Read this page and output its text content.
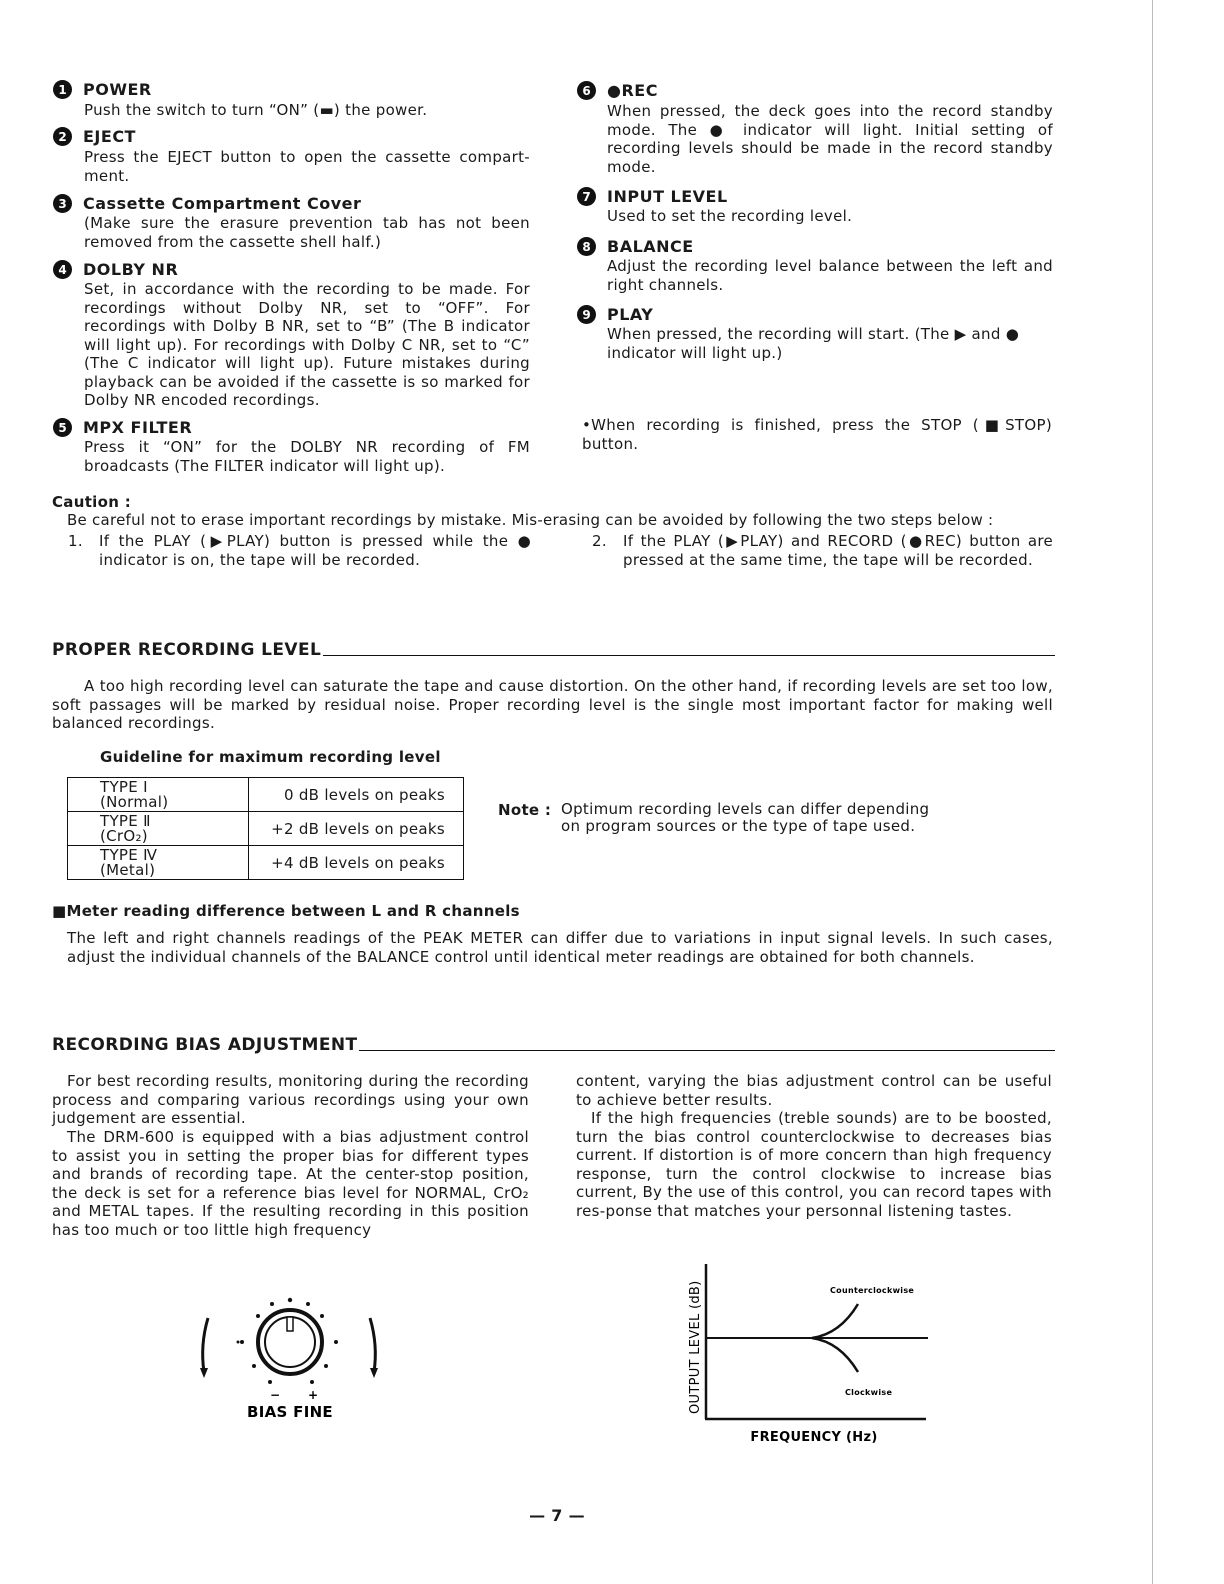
1	POWER
Push the switch to turn “ON” (▬) the power.
2	EJECT
Press the EJECT button to open the cassette compart-ment.
3	Cassette Compartment Cover
(Make sure the erasure prevention tab has not been removed from the cassette shell half.)
4	DOLBY NR
Set, in accordance with the recording to be made. For recordings without Dolby NR, set to “OFF”. For recordings with Dolby B NR, set to “B” (The B indicator will light up). For recordings with Dolby C NR, set to “C” (The C indicator will light up). Future mistakes during playback can be avoided if the cassette is so marked for Dolby NR encoded recordings.
5	MPX FILTER
Press it “ON” for the DOLBY NR recording of FM broadcasts (The FILTER indicator will light up).
6	●REC
When pressed, the deck goes into the record standby mode. The ● indicator will light. Initial setting of recording levels should be made in the record standby mode.
7	INPUT LEVEL
Used to set the recording level.
8	BALANCE
Adjust the recording level balance between the left and right channels.
9	PLAY
When pressed, the recording will start. (The ▶ and ● indicator will light up.)
•When recording is finished, press the STOP (■STOP) button.
Caution :
Be careful not to erase important recordings by mistake. Mis-erasing can be avoided by following the two steps below :
1. If the PLAY (▶PLAY) button is pressed while the ● indicator is on, the tape will be recorded.
2. If the PLAY (▶PLAY) and RECORD (●REC) button are pressed at the same time, the tape will be recorded.
PROPER RECORDING LEVEL
A too high recording level can saturate the tape and cause distortion. On the other hand, if recording levels are set too low, soft passages will be marked by residual noise. Proper recording level is the single most important factor for making well balanced recordings.
Guideline for maximum recording level
TYPE Ⅰ
(Normal)	0 dB levels on peaks

TYPE Ⅱ
(CrO₂)	+2 dB levels on peaks

TYPE Ⅳ
(Metal)	+4 dB levels on peaks
Note : Optimum recording levels can differ depending on program sources or the type of tape used.
■Meter reading difference between L and R channels
The left and right channels readings of the PEAK METER can differ due to variations in input signal levels. In such cases, adjust the individual channels of the BALANCE control until identical meter readings are obtained for both channels.
RECORDING BIAS ADJUSTMENT
For best recording results, monitoring during the recording process and comparing various recordings using your own judgement are essential.
The DRM-600 is equipped with a bias adjustment control to assist you in setting the proper bias for different types and brands of recording tape. At the center-stop position, the deck is set for a reference bias level for NORMAL, CrO₂ and METAL tapes. If the resulting recording in this position has too much or too little high frequency
content, varying the bias adjustment control can be useful to achieve better results.
If the high frequencies (treble sounds) are to be boosted, turn the bias control counterclockwise to decreases bias current. If distortion is of more concern than high frequency response, turn the control clockwise to increase bias current, By the use of this control, you can record tapes with res-ponse that matches your personnal listening tastes.
− +
BIAS FINE
Counterclockwise
Clockwise
OUTPUT LEVEL (dB)
FREQUENCY (Hz)
— 7 —
